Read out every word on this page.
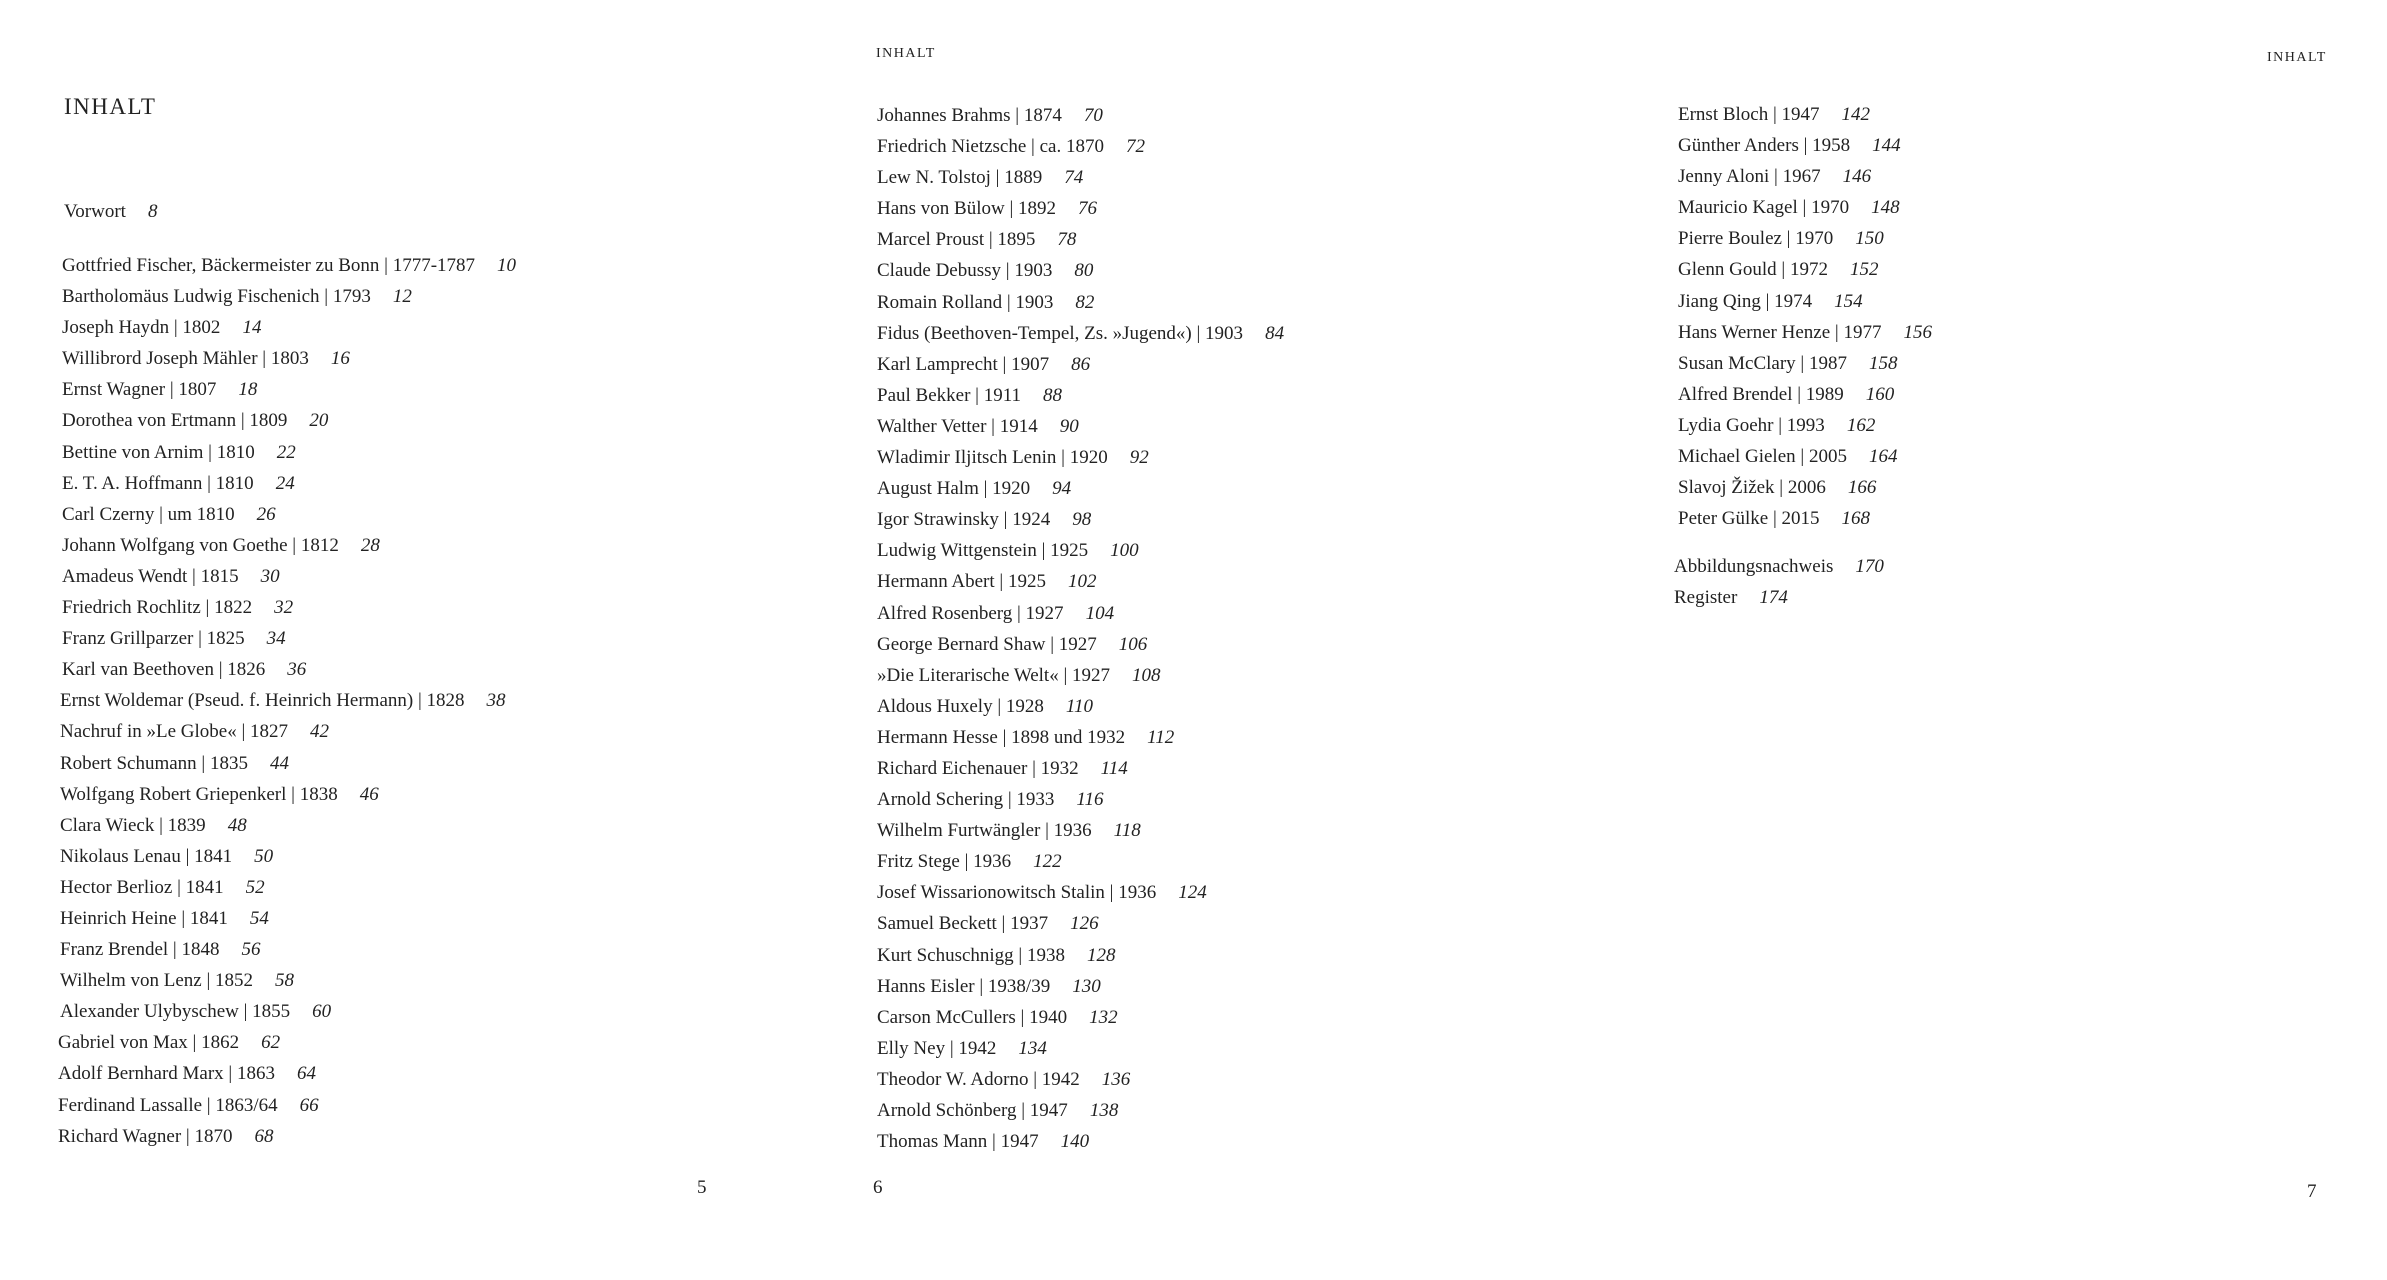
INHALT
Vorwort 8
Gottfried Fischer, Bäckermeister zu Bonn | 1777-1787 10
Bartholomäus Ludwig Fischenich | 1793 12
Joseph Haydn | 1802 14
Willibrord Joseph Mähler | 1803 16
Ernst Wagner | 1807 18
Dorothea von Ertmann | 1809 20
Bettine von Arnim | 1810 22
E. T. A. Hoffmann | 1810 24
Carl Czerny | um 1810 26
Johann Wolfgang von Goethe | 1812 28
Amadeus Wendt | 1815 30
Friedrich Rochlitz | 1822 32
Franz Grillparzer | 1825 34
Karl van Beethoven | 1826 36
Ernst Woldemar (Pseud. f. Heinrich Hermann) | 1828 38
Nachruf in »Le Globe« | 1827 42
Robert Schumann | 1835 44
Wolfgang Robert Griepenkerl | 1838 46
Clara Wieck | 1839 48
Nikolaus Lenau | 1841 50
Hector Berlioz | 1841 52
Heinrich Heine | 1841 54
Franz Brendel | 1848 56
Wilhelm von Lenz | 1852 58
Alexander Ulybyschew | 1855 60
Gabriel von Max | 1862 62
Adolf Bernhard Marx | 1863 64
Ferdinand Lassalle | 1863/64 66
Richard Wagner | 1870 68
5
INHALT
Johannes Brahms | 1874 70
Friedrich Nietzsche | ca. 1870 72
Lew N. Tolstoj | 1889 74
Hans von Bülow | 1892 76
Marcel Proust | 1895 78
Claude Debussy | 1903 80
Romain Rolland | 1903 82
Fidus (Beethoven-Tempel, Zs. »Jugend«) | 1903 84
Karl Lamprecht | 1907 86
Paul Bekker | 1911 88
Walther Vetter | 1914 90
Wladimir Iljitsch Lenin | 1920 92
August Halm | 1920 94
Igor Strawinsky | 1924 98
Ludwig Wittgenstein | 1925 100
Hermann Abert | 1925 102
Alfred Rosenberg | 1927 104
George Bernard Shaw | 1927 106
»Die Literarische Welt« | 1927 108
Aldous Huxely | 1928 110
Hermann Hesse | 1898 und 1932 112
Richard Eichenauer | 1932 114
Arnold Schering | 1933 116
Wilhelm Furtwängler | 1936 118
Fritz Stege | 1936 122
Josef Wissarionowitsch Stalin | 1936 124
Samuel Beckett | 1937 126
Kurt Schuschnigg | 1938 128
Hanns Eisler | 1938/39 130
Carson McCullers | 1940 132
Elly Ney | 1942 134
Theodor W. Adorno | 1942 136
Arnold Schönberg | 1947 138
Thomas Mann | 1947 140
6
INHALT
Ernst Bloch | 1947 142
Günther Anders | 1958 144
Jenny Aloni | 1967 146
Mauricio Kagel | 1970 148
Pierre Boulez | 1970 150
Glenn Gould | 1972 152
Jiang Qing | 1974 154
Hans Werner Henze | 1977 156
Susan McClary | 1987 158
Alfred Brendel | 1989 160
Lydia Goehr | 1993 162
Michael Gielen | 2005 164
Slavoj Žižek | 2006 166
Peter Gülke | 2015 168
Abbildungsnachweis 170
Register 174
7
